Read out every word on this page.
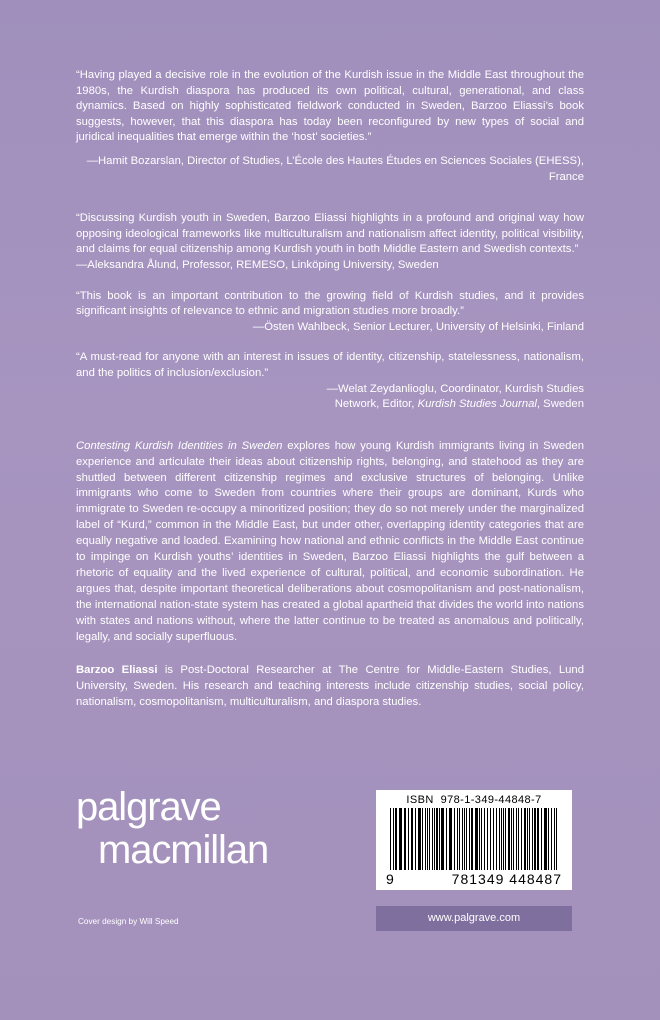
“Having played a decisive role in the evolution of the Kurdish issue in the Middle East throughout the 1980s, the Kurdish diaspora has produced its own political, cultural, generational, and class dynamics. Based on highly sophisticated fieldwork conducted in Sweden, Barzoo Eliassi’s book suggests, however, that this diaspora has today been reconfigured by new types of social and juridical inequalities that emerge within the ‘host’ societies.”
—Hamit Bozarslan, Director of Studies, L’École des Hautes Études en Sciences Sociales (EHESS), France
“Discussing Kurdish youth in Sweden, Barzoo Eliassi highlights in a profound and original way how opposing ideological frameworks like multiculturalism and nationalism affect identity, political visibility, and claims for equal citizenship among Kurdish youth in both Middle Eastern and Swedish contexts.”
—Aleksandra Ålund, Professor, REMESO, Linköping University, Sweden
“This book is an important contribution to the growing field of Kurdish studies, and it provides significant insights of relevance to ethnic and migration studies more broadly.”
—Östen Wahlbeck, Senior Lecturer, University of Helsinki, Finland
“A must-read for anyone with an interest in issues of identity, citizenship, statelessness, nationalism, and the politics of inclusion/exclusion.”
—Welat Zeydanlioglu, Coordinator, Kurdish Studies
Network, Editor, Kurdish Studies Journal, Sweden
Contesting Kurdish Identities in Sweden explores how young Kurdish immigrants living in Sweden experience and articulate their ideas about citizenship rights, belonging, and statehood as they are shuttled between different citizenship regimes and exclusive structures of belonging. Unlike immigrants who come to Sweden from countries where their groups are dominant, Kurds who immigrate to Sweden re-occupy a minoritized position; they do so not merely under the marginalized label of “Kurd,” common in the Middle East, but under other, overlapping identity categories that are equally negative and loaded. Examining how national and ethnic conflicts in the Middle East continue to impinge on Kurdish youths’ identities in Sweden, Barzoo Eliassi highlights the gulf between a rhetoric of equality and the lived experience of cultural, political, and economic subordination. He argues that, despite important theoretical deliberations about cosmopolitanism and post-nationalism, the international nation-state system has created a global apartheid that divides the world into nations with states and nations without, where the latter continue to be treated as anomalous and politically, legally, and socially superfluous.
Barzoo Eliassi is Post-Doctoral Researcher at The Centre for Middle-Eastern Studies, Lund University, Sweden. His research and teaching interests include citizenship studies, social policy, nationalism, cosmopolitanism, multiculturalism, and diaspora studies.
palgrave
macmillan
Cover design by Will Speed
ISBN 978-1-349-44848-7
9	781349 448487
www.palgrave.com
